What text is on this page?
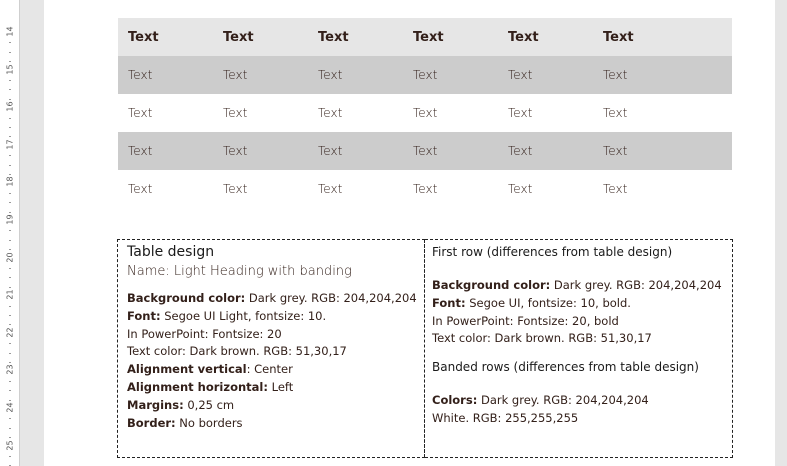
14
15
16
17
18
19
20
21
22
23
24
25
Text	Text	Text	Text	Text	Text
Text	Text	Text	Text	Text	Text
Text	Text	Text	Text	Text	Text
Text	Text	Text	Text	Text	Text
Text	Text	Text	Text	Text	Text
Table design
Name: Light Heading with banding
Background color: Dark grey. RGB: 204,204,204
Font: Segoe UI Light, fontsize: 10.
In PowerPoint: Fontsize: 20
Text color: Dark brown. RGB: 51,30,17
Alignment vertical: Center
Alignment horizontal: Left
Margins: 0,25 cm
Border: No borders
First row (differences from table design)
Background color: Dark grey. RGB: 204,204,204
Font: Segoe UI, fontsize: 10, bold.
In PowerPoint: Fontsize: 20, bold
Text color: Dark brown. RGB: 51,30,17
Banded rows (differences from table design)
Colors: Dark grey. RGB: 204,204,204
White. RGB: 255,255,255
